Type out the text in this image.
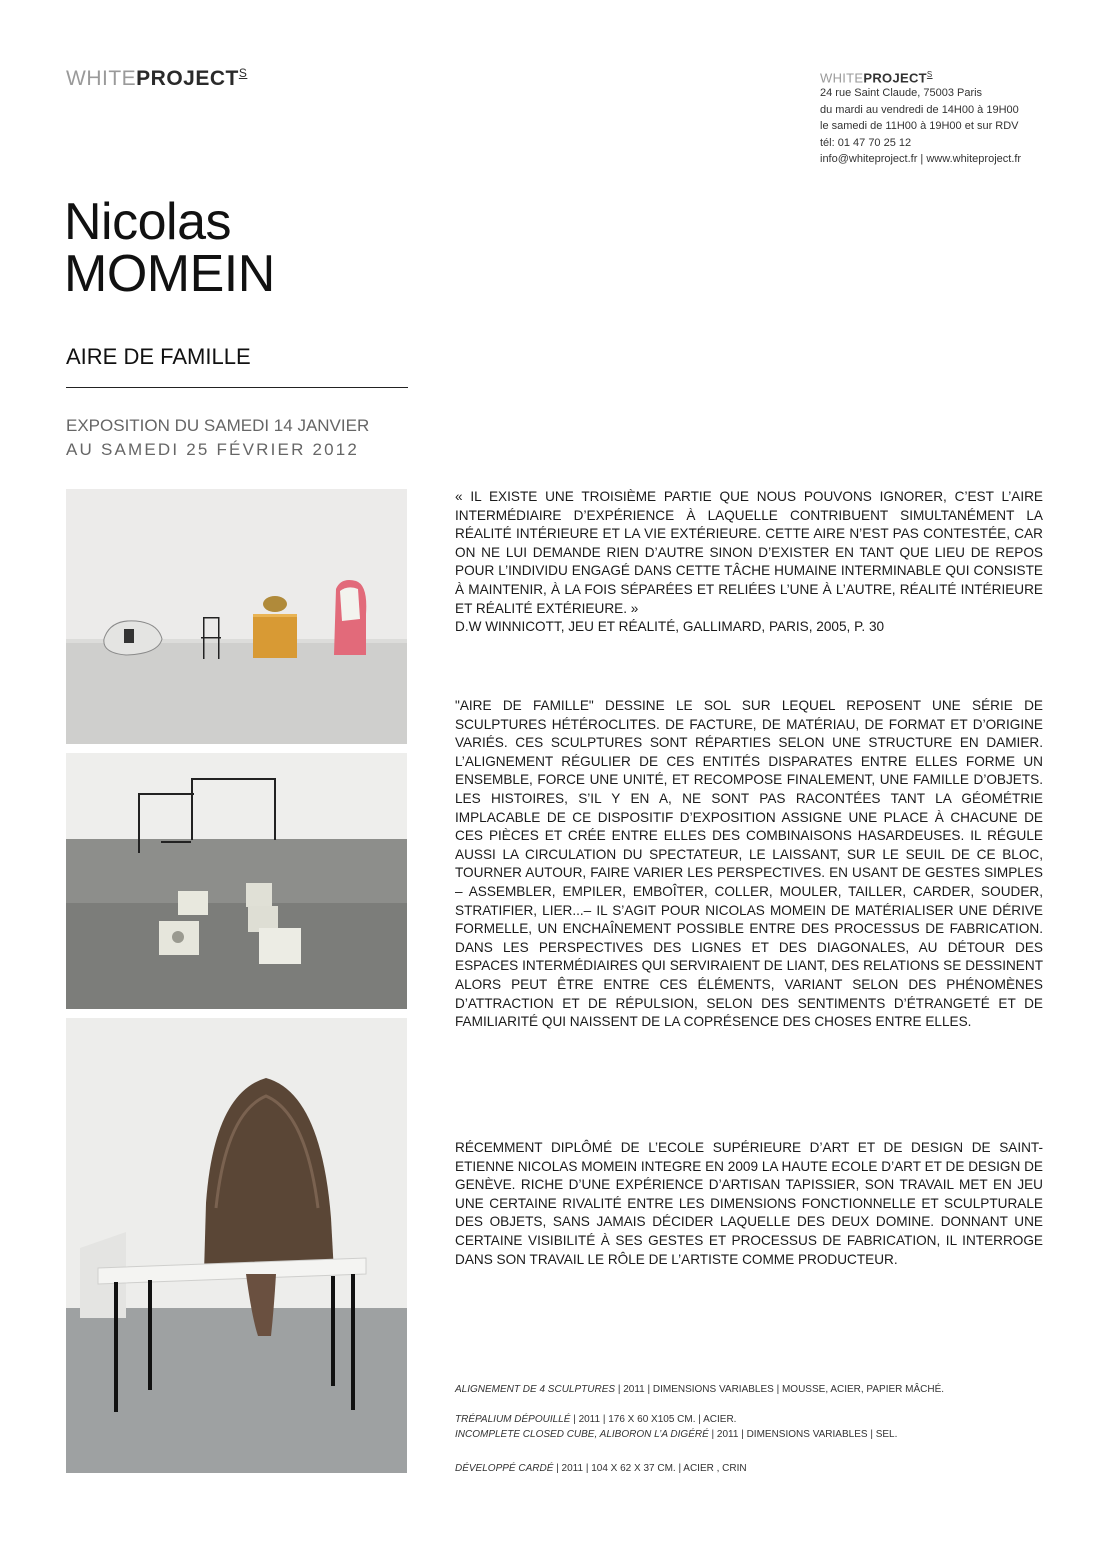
$WHITEPROJECT^S$	$WHITEPROJECT^S$
24 rue Saint Claude, 75003 Paris
du mardi au vendredi de 14H00 à 19H00
le samedi de 11H00 à 19H00 et sur RDV
tél: 01 47 70 25 12
info@whiteproject.fr | www.whiteproject.fr
Nicolas
MOMEIN
AIRE DE FAMILLE
EXPOSITION DU SAMEDI 14 JANVIER
AU SAMEDI 25 FÉVRIER 2012

« IL EXISTE UNE TROISIÈME PARTIE QUE NOUS POUVONS IGNORER, C’EST L’AIRE INTERMÉDIAIRE D’EXPÉRIENCE À LAQUELLE CONTRIBUENT SIMULTANÉMENT LA RÉALITÉ INTÉRIEURE ET LA VIE EXTÉRIEURE. CETTE AIRE N’EST PAS CONTESTÉE, CAR ON NE LUI DEMANDE RIEN D’AUTRE SINON D’EXISTER EN TANT QUE LIEU DE REPOS POUR L’INDIVIDU ENGAGÉ DANS CETTE TÂCHE HUMAINE INTERMINABLE QUI CONSISTE À MAINTENIR, À LA FOIS SÉPARÉES ET RELIÉES L’UNE À L’AUTRE, RÉALITÉ INTÉRIEURE ET RÉALITÉ EXTÉRIEURE. »

D.W WINNICOTT, JEU ET RÉALITÉ, GALLIMARD, PARIS, 2005, P. 30

"AIRE DE FAMILLE" DESSINE LE SOL SUR LEQUEL REPOSENT UNE SÉRIE DE SCULPTURES HÉTÉROCLITES. DE FACTURE, DE MATÉRIAU, DE FORMAT ET D’ORIGINE VARIÉS. CES SCULPTURES SONT RÉPARTIES SELON UNE STRUCTURE EN DAMIER. L’ALIGNEMENT RÉGULIER DE CES ENTITÉS DISPARATES ENTRE ELLES FORME UN ENSEMBLE, FORCE UNE UNITÉ, ET RECOMPOSE FINALEMENT, UNE FAMILLE D’OBJETS. LES HISTOIRES, S’IL Y EN A, NE SONT PAS RACONTÉES TANT LA GÉOMÉTRIE IMPLACABLE DE CE DISPOSITIF D’EXPOSITION ASSIGNE UNE PLACE À CHACUNE DE CES PIÈCES ET CRÉE ENTRE ELLES DES COMBINAISONS HASARDEUSES. IL RÉGULE AUSSI LA CIRCULATION DU SPECTATEUR, LE LAISSANT, SUR LE SEUIL DE CE BLOC, TOURNER AUTOUR, FAIRE VARIER LES PERSPECTIVES. EN USANT DE GESTES SIMPLES – ASSEMBLER, EMPILER, EMBOÎTER, COLLER, MOULER, TAILLER, CARDER, SOUDER, STRATIFIER, LIER...– IL S’AGIT POUR NICOLAS MOMEIN DE MATÉRIALISER UNE DÉRIVE FORMELLE, UN ENCHAÎNEMENT POSSIBLE ENTRE DES PROCESSUS DE FABRICATION. DANS LES PERSPECTIVES DES LIGNES ET DES DIAGONALES, AU DÉTOUR DES ESPACES INTERMÉDIAIRES QUI SERVIRAIENT DE LIANT, DES RELATIONS SE DESSINENT ALORS PEUT ÊTRE ENTRE CES ÉLÉMENTS, VARIANT SELON DES PHÉNOMÈNES D’ATTRACTION ET DE RÉPULSION, SELON DES SENTIMENTS D’ÉTRANGETÉ ET DE FAMILIARITÉ QUI NAISSENT DE LA COPRÉSENCE DES CHOSES ENTRE ELLES.

RÉCEMMENT DIPLÔMÉ DE L’ECOLE SUPÉRIEURE D’ART ET DE DESIGN DE SAINT-ETIENNE NICOLAS MOMEIN INTEGRE EN 2009 LA HAUTE ECOLE D’ART ET DE DESIGN DE GENÈVE. RICHE D’UNE EXPÉRIENCE D’ARTISAN TAPISSIER, SON TRAVAIL MET EN JEU UNE CERTAINE RIVALITÉ ENTRE LES DIMENSIONS FONCTIONNELLE ET SCULPTURALE DES OBJETS, SANS JAMAIS DÉCIDER LAQUELLE DES DEUX DOMINE. DONNANT UNE CERTAINE VISIBILITÉ À SES GESTES ET PROCESSUS DE FABRICATION, IL INTERROGE DANS SON TRAVAIL LE RÔLE DE L’ARTISTE COMME PRODUCTEUR.

ALIGNEMENT DE 4 SCULPTURES | 2011 | DIMENSIONS VARIABLES | MOUSSE, ACIER, PAPIER MÂCHÉ.
TRÉPALIUM DÉPOUILLÉ | 2011 | 176 X 60 X105 CM. | ACIER.
INCOMPLETE CLOSED CUBE, ALIBORON L’A DIGÉRÉ | 2011 | DIMENSIONS VARIABLES | SEL.
DÉVELOPPÉ CARDÉ | 2011 | 104 X 62 X 37 CM. | ACIER , CRIN
